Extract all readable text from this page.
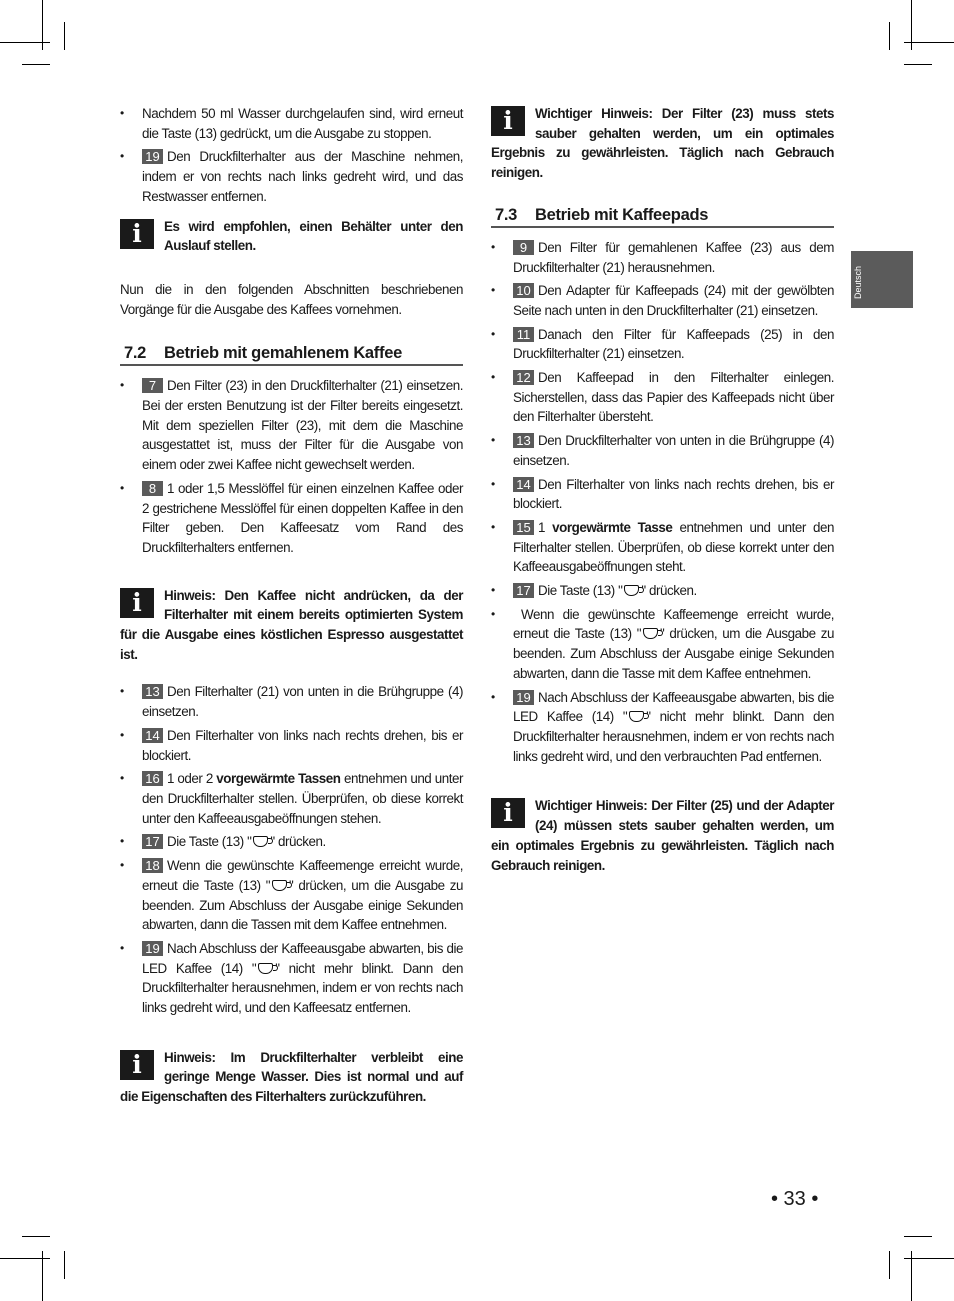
Deutsch
• Nachdem 50 ml Wasser durchgelaufen sind, wird erneut die Taste (13) gedrückt, um die Ausgabe zu stoppen.
• 19 Den Druckfilterhalter aus der Maschine nehmen, indem er von rechts nach links gedreht wird, und das Restwasser entfernen.
i	Es wird empfohlen, einen Behälter unter den Auslauf stellen.
Nun die in den folgenden Abschnitten beschriebenen Vorgänge für die Ausgabe des Kaffees vornehmen.
7.2 Betrieb mit gemahlenem Kaffee
• 7 Den Filter (23) in den Druckfilterhalter (21) einsetzen. Bei der ersten Benutzung ist der Filter bereits eingesetzt. Mit dem speziellen Filter (23), mit dem die Maschine ausgestattet ist, muss der Filter für die Ausgabe von einem oder zwei Kaffee nicht gewechselt werden.
• 8 1 oder 1,5 Messlöffel für einen einzelnen Kaffee oder 2 gestrichene Messlöffel für einen doppelten Kaffee in den Filter geben. Den Kaffeesatz vom Rand des Druckfilterhalters entfernen.
i	Hinweis: Den Kaffee nicht andrücken, da der Filterhalter mit einem bereits optimierten System für die Ausgabe eines köstlichen Espresso ausgestattet ist.
• 13 Den Filterhalter (21) von unten in die Brühgruppe (4) einsetzen.
• 14 Den Filterhalter von links nach rechts drehen, bis er blockiert.
• 16 1 oder 2 vorgewärmte Tassen entnehmen und unter den Druckfilterhalter stellen. Überprüfen, ob diese korrekt unter den Kaffeeausgabeöffnungen stehen.
• 17 Die Taste (13) " " drücken.
• 18 Wenn die gewünschte Kaffeemenge erreicht wurde, erneut die Taste (13) " " drücken, um die Ausgabe zu beenden. Zum Abschluss der Ausgabe einige Sekunden abwarten, dann die Tassen mit dem Kaffee entnehmen.
• 19 Nach Abschluss der Kaffeeausgabe abwarten, bis die LED Kaffee (14) " " nicht mehr blinkt. Dann den Druckfilterhalter herausnehmen, indem er von rechts nach links gedreht wird, und den Kaffeesatz entfernen.
i	Hinweis: Im Druckfilterhalter verbleibt eine geringe Menge Wasser. Dies ist normal und auf die Eigenschaften des Filterhalters zurückzuführen.
i	Wichtiger Hinweis: Der Filter (23) muss stets sauber gehalten werden, um ein optimales Ergebnis zu gewährleisten. Täglich nach Gebrauch reinigen.
7.3 Betrieb mit Kaffeepads
• 9 Den Filter für gemahlenen Kaffee (23) aus dem Druckfilterhalter (21) herausnehmen.
• 10 Den Adapter für Kaffeepads (24) mit der gewölbten Seite nach unten in den Druckfilterhalter (21) einsetzen.
• 11 Danach den Filter für Kaffeepads (25) in den Druckfilterhalter (21) einsetzen.
• 12 Den Kaffeepad in den Filterhalter einlegen. Sicherstellen, dass das Papier des Kaffeepads nicht über den Filterhalter übersteht.
• 13 Den Druckfilterhalter von unten in die Brühgruppe (4) einsetzen.
• 14 Den Filterhalter von links nach rechts drehen, bis er blockiert.
• 15 1 vorgewärmte Tasse entnehmen und unter den Filterhalter stellen. Überprüfen, ob diese korrekt unter den Kaffeeausgabeöffnungen steht.
• 17 Die Taste (13) " " drücken.
• Wenn die gewünschte Kaffeemenge erreicht wurde, erneut die Taste (13) " " drücken, um die Ausgabe zu beenden. Zum Abschluss der Ausgabe einige Sekunden abwarten, dann die Tasse mit dem Kaffee entnehmen.
• 19 Nach Abschluss der Kaffeeausgabe abwarten, bis die LED Kaffee (14) " " nicht mehr blinkt. Dann den Druckfilterhalter herausnehmen, indem er von rechts nach links gedreht wird, und den verbrauchten Pad entfernen.
i	Wichtiger Hinweis: Der Filter (25) und der Adapter (24) müssen stets sauber gehalten werden, um ein optimales Ergebnis zu gewährleisten. Täglich nach Gebrauch reinigen.
• 33 •
